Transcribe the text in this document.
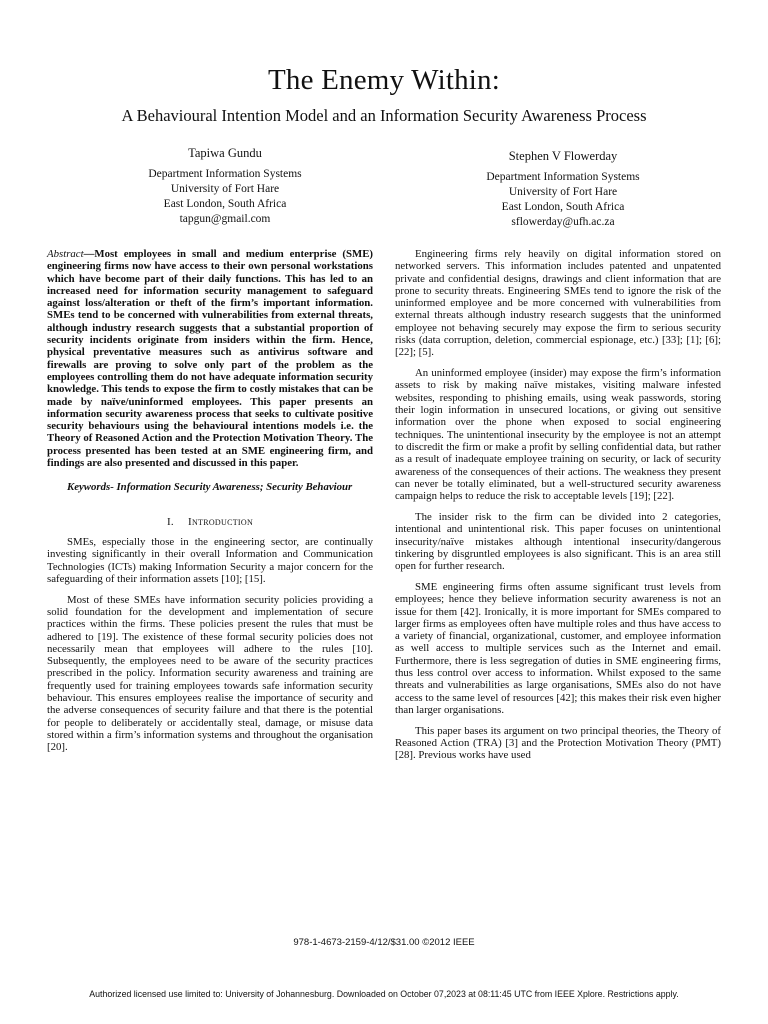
The Enemy Within:
A Behavioural Intention Model and an Information Security Awareness Process
Tapiwa Gundu
Department Information Systems
University of Fort Hare
East London, South Africa
tapgun@gmail.com
Stephen V Flowerday
Department Information Systems
University of Fort Hare
East London, South Africa
sflowerday@ufh.ac.za

Abstract—Most employees in small and medium enterprise (SME) engineering firms now have access to their own personal workstations which have become part of their daily functions. This has led to an increased need for information security management to safeguard against loss/alteration or theft of the firm’s important information. SMEs tend to be concerned with vulnerabilities from external threats, although industry research suggests that a substantial proportion of security incidents originate from insiders within the firm. Hence, physical preventative measures such as antivirus software and firewalls are proving to solve only part of the problem as the employees controlling them do not have adequate information security knowledge. This tends to expose the firm to costly mistakes that can be made by naïve/uninformed employees. This paper presents an information security awareness process that seeks to cultivate positive security behaviours using the behavioural intentions models i.e. the Theory of Reasoned Action and the Protection Motivation Theory. The process presented has been tested at an SME engineering firm, and findings are also presented and discussed in this paper.

Keywords- Information Security Awareness; Security Behaviour

I. Introduction

SMEs, especially those in the engineering sector, are continually investing significantly in their overall Information and Communication Technologies (ICTs) making Information Security a major concern for the safeguarding of their information assets [10]; [15].

Most of these SMEs have information security policies providing a solid foundation for the development and implementation of secure practices within the firms. These policies present the rules that must be adhered to [19]. The existence of these formal security policies does not necessarily mean that employees will adhere to the rules [10]. Subsequently, the employees need to be aware of the security practices prescribed in the policy. Information security awareness and training are frequently used for training employees towards safe information security behaviour. This ensures employees realise the importance of security and the adverse consequences of security failure and that there is the potential for people to deliberately or accidentally steal, damage, or misuse data stored within a firm’s information systems and throughout the organisation [20].

Engineering firms rely heavily on digital information stored on networked servers. This information includes patented and unpatented private and confidential designs, drawings and client information that are prone to security threats. Engineering SMEs tend to ignore the risk of the uninformed employee and be more concerned with vulnerabilities from external threats although industry research suggests that the uninformed employee not behaving securely may expose the firm to serious security risks (data corruption, deletion, commercial espionage, etc.) [33]; [1]; [6]; [22]; [5].

An uninformed employee (insider) may expose the firm’s information assets to risk by making naïve mistakes, visiting malware infested websites, responding to phishing emails, using weak passwords, storing their login information in unsecured locations, or giving out sensitive information over the phone when exposed to social engineering techniques. The unintentional insecurity by the employee is not an attempt to discredit the firm or make a profit by selling confidential data, but rather as a result of inadequate employee training on security, or lack of security awareness of the consequences of their actions. The weakness they present can never be totally eliminated, but a well-structured security awareness campaign helps to reduce the risk to acceptable levels [19]; [22].

The insider risk to the firm can be divided into 2 categories, intentional and unintentional risk. This paper focuses on unintentional insecurity/naïve mistakes although intentional insecurity/dangerous tinkering by disgruntled employees is also significant. This is an area still open for further research.

SME engineering firms often assume significant trust levels from employees; hence they believe information security awareness is not an issue for them [42]. Ironically, it is more important for SMEs compared to larger firms as employees often have multiple roles and thus have access to a variety of financial, organizational, customer, and employee information as well access to multiple services such as the Internet and email. Furthermore, there is less segregation of duties in SME engineering firms, thus less control over access to information. Whilst exposed to the same threats and vulnerabilities as large organisations, SMEs also do not have access to the same level of resources [42]; this makes their risk even higher than larger organisations.

This paper bases its argument on two principal theories, the Theory of Reasoned Action (TRA) [3] and the Protection Motivation Theory (PMT) [28]. Previous works have used

978-1-4673-2159-4/12/$31.00 ©2012 IEEE
Authorized licensed use limited to: University of Johannesburg. Downloaded on October 07,2023 at 08:11:45 UTC from IEEE Xplore. Restrictions apply.
